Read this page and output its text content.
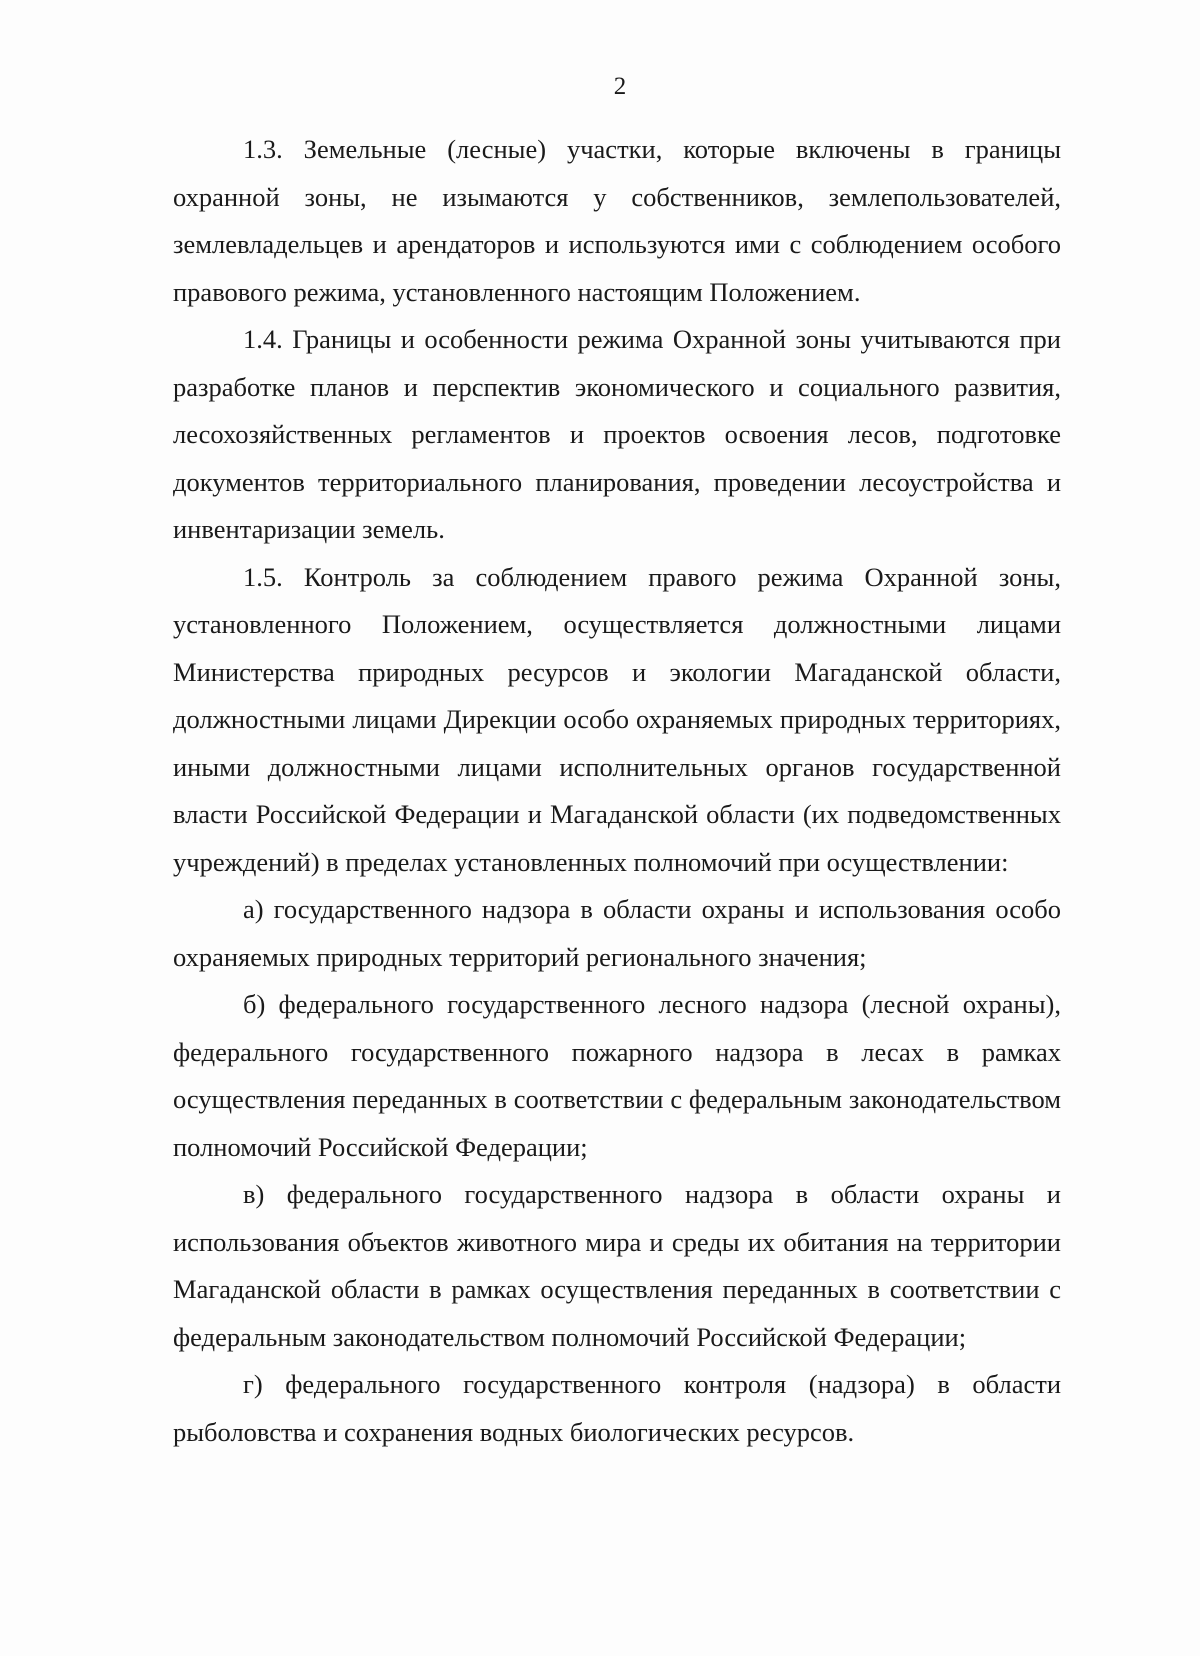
2

1.3. Земельные (лесные) участки, которые включены в границы охранной зоны, не изымаются у собственников, землепользователей, землевладельцев и арендаторов и используются ими с соблюдением особого правового режима, установленного настоящим Положением.

1.4. Границы и особенности режима Охранной зоны учитываются при разработке планов и перспектив экономического и социального развития, лесохозяйственных регламентов и проектов освоения лесов, подготовке документов территориального планирования, проведении лесоустройства и инвентаризации земель.

1.5. Контроль за соблюдением правого режима Охранной зоны, установленного Положением, осуществляется должностными лицами Министерства природных ресурсов и экологии Магаданской области, должностными лицами Дирекции особо охраняемых природных территориях, иными должностными лицами исполнительных органов государственной власти Российской Федерации и Магаданской области (их подведомственных учреждений) в пределах установленных полномочий при осуществлении:

а) государственного надзора в области охраны и использования особо охраняемых природных территорий регионального значения;

б) федерального государственного лесного надзора (лесной охраны), федерального государственного пожарного надзора в лесах в рамках осуществления переданных в соответствии с федеральным законодательством полномочий Российской Федерации;

в) федерального государственного надзора в области охраны и использования объектов животного мира и среды их обитания на территории Магаданской области в рамках осуществления переданных в соответствии с федеральным законодательством полномочий Российской Федерации;

г) федерального государственного контроля (надзора) в области рыболовства и сохранения водных биологических ресурсов.
